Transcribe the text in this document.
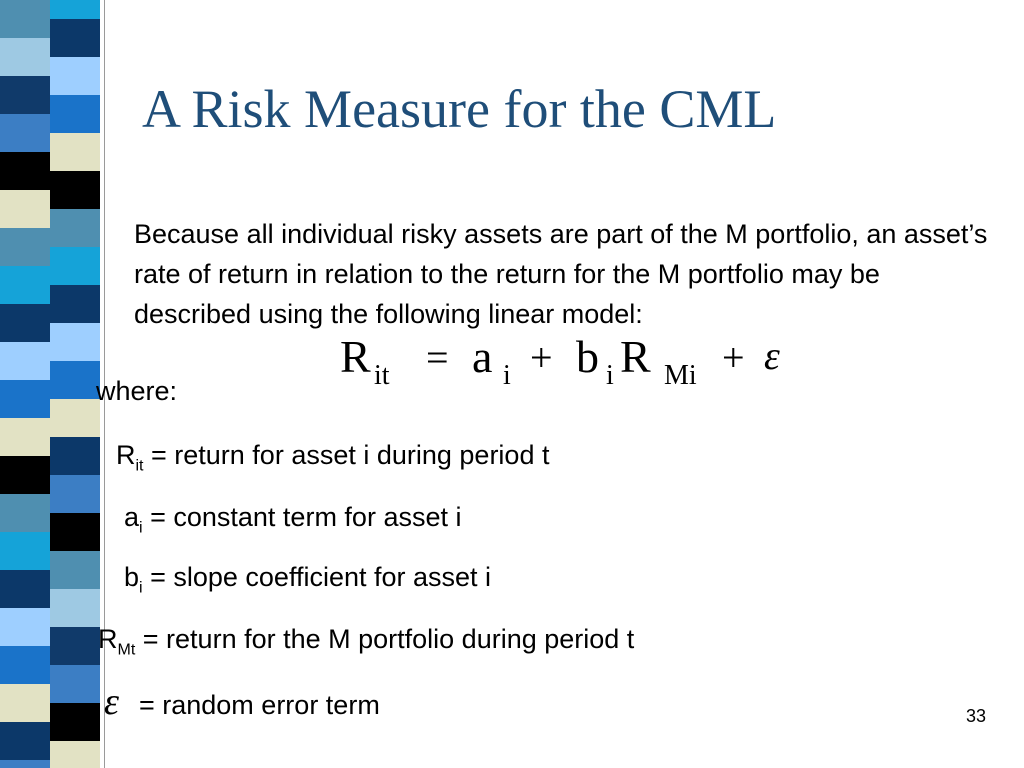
A Risk Measure for the CML
Because all individual risky assets are part of the M portfolio, an asset’s rate of return in relation to the return for the M portfolio may be described using the following linear model:
R it = a i + b i R Mi + ε
where:
$R_{it}$ = return for asset i during period t
$a_i$ = constant term for asset i
$b_i$ = slope coefficient for asset i
$R_{Mt}$ = return for the M portfolio during period t
ε = random error term	33
